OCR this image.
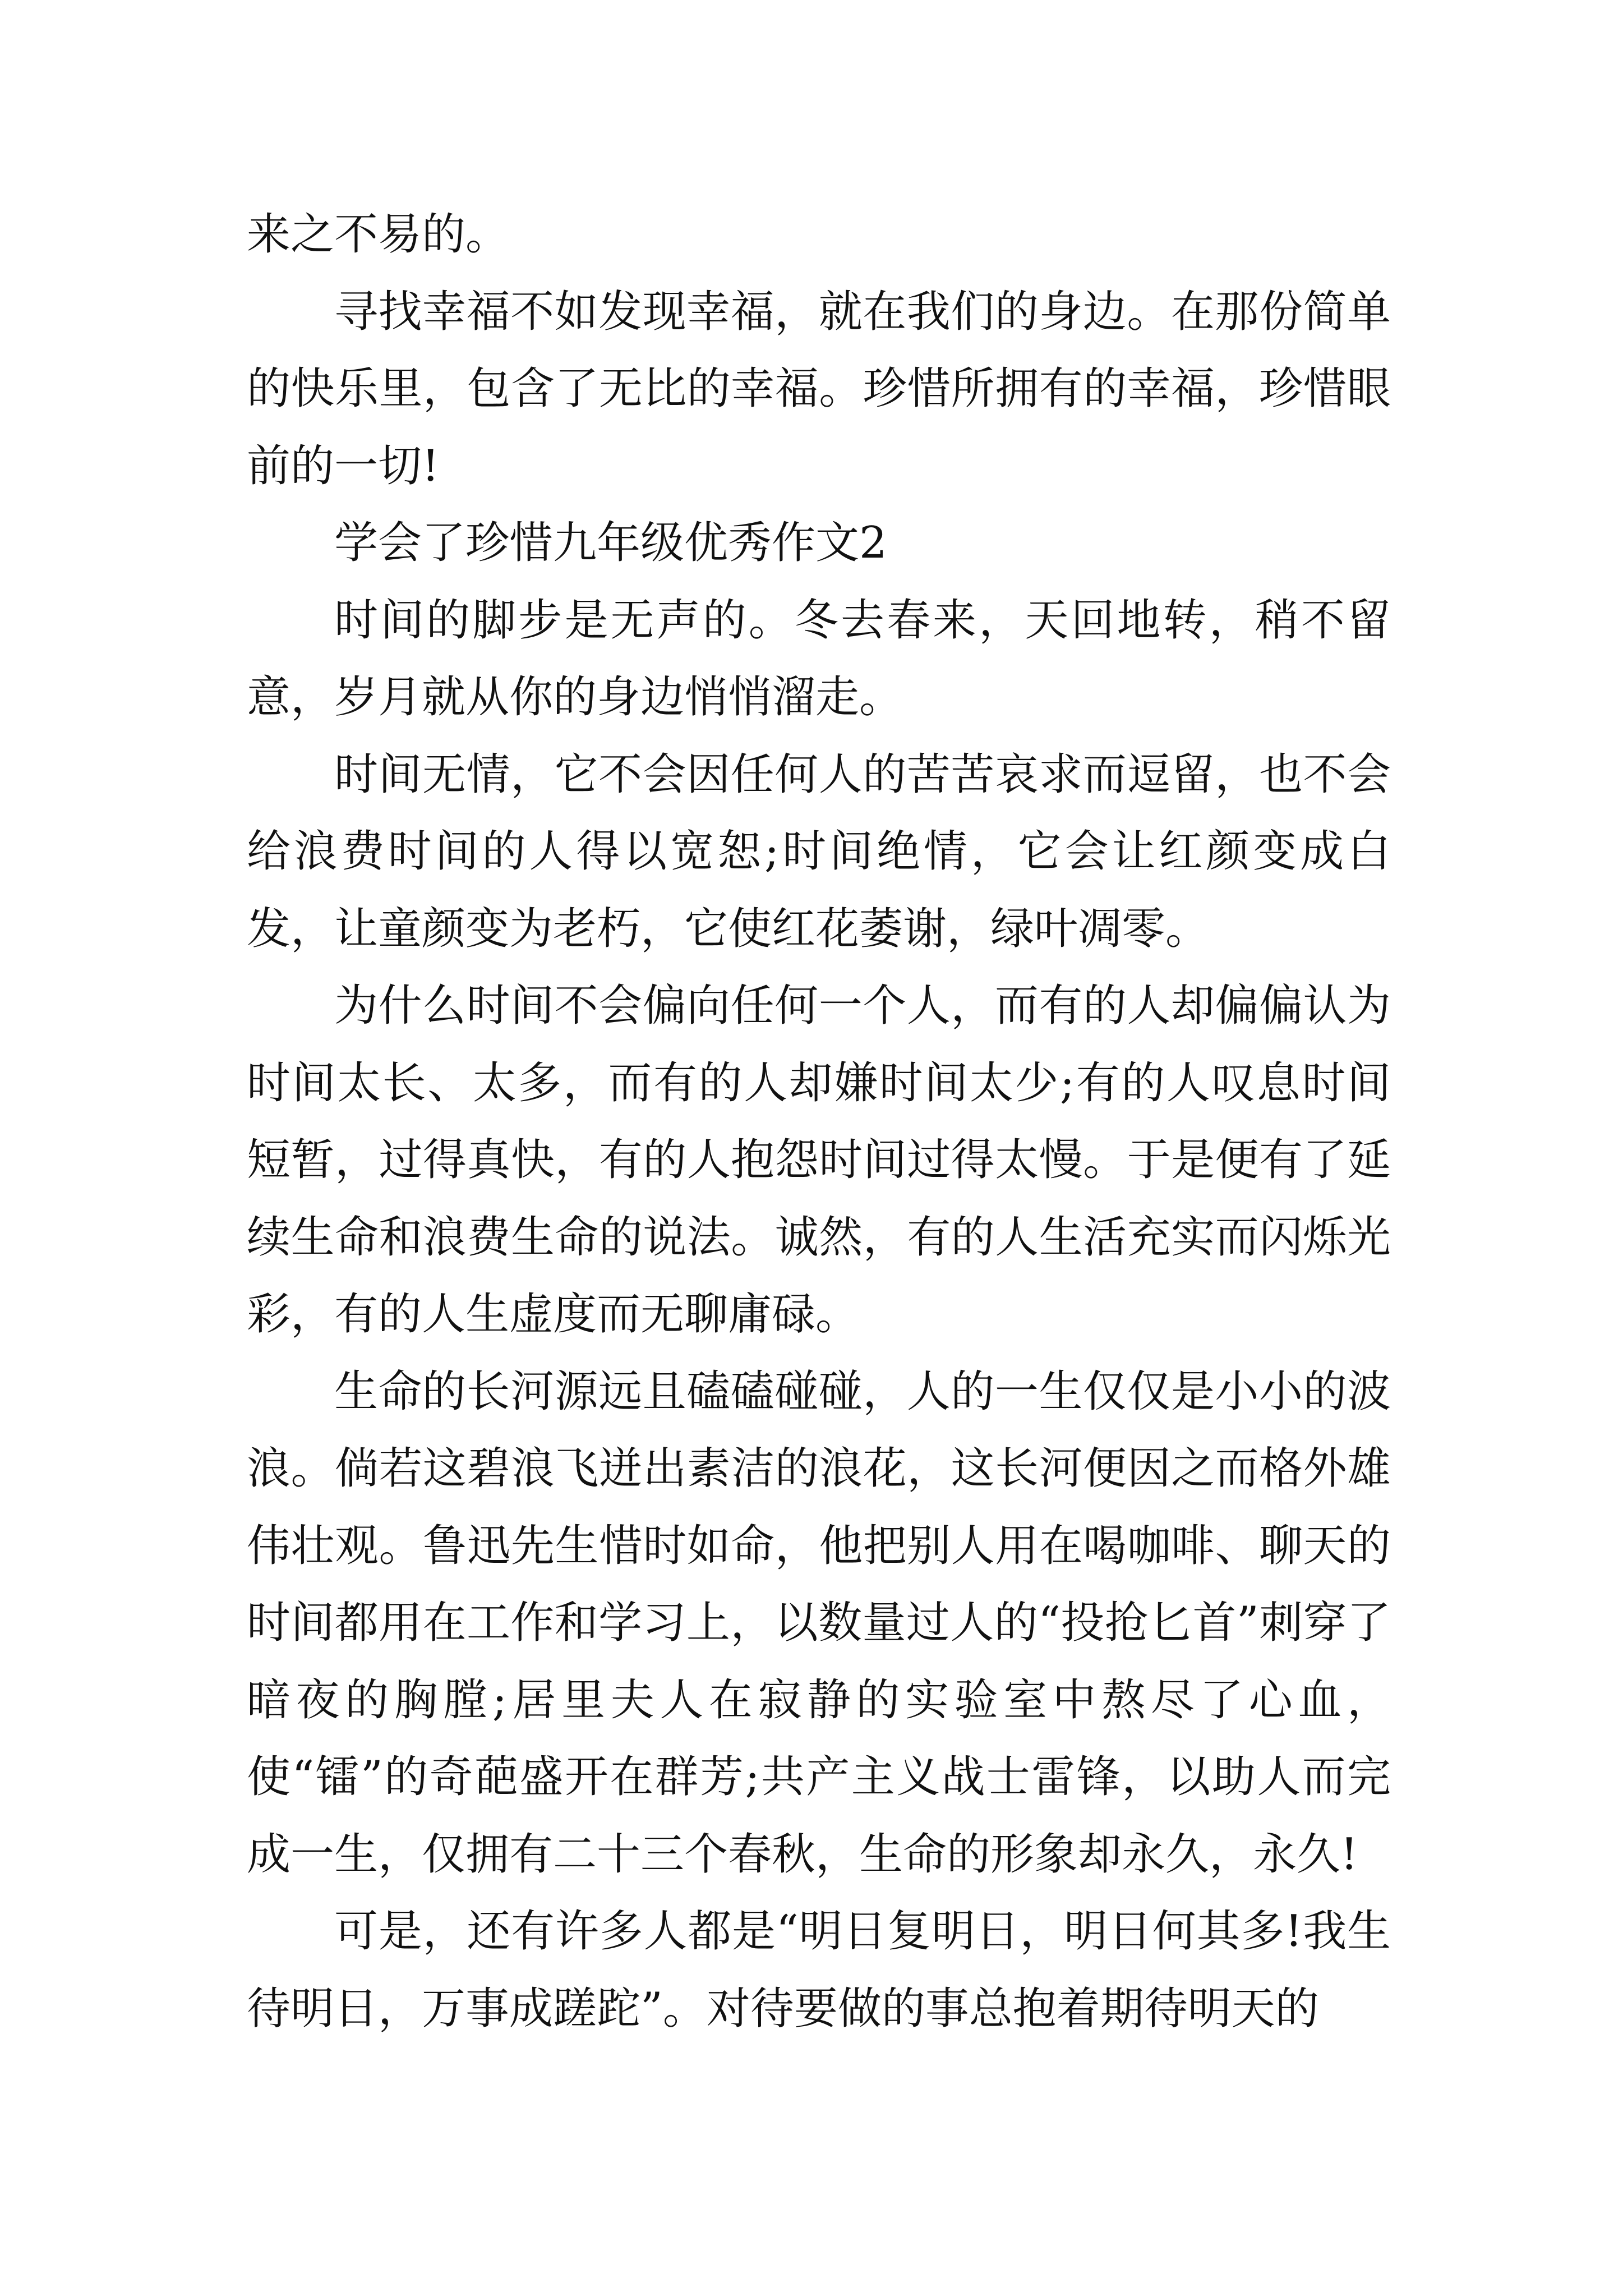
来之不易的。

寻找幸福不如发现幸福，就在我们的身边。在那份简单的快乐里，包含了无比的幸福。珍惜所拥有的幸福，珍惜眼前的一切!

学会了珍惜九年级优秀作文2

时间的脚步是无声的。冬去春来，天回地转，稍不留意，岁月就从你的身边悄悄溜走。

时间无情，它不会因任何人的苦苦哀求而逗留，也不会给浪费时间的人得以宽恕;时间绝情，它会让红颜变成白发，让童颜变为老朽，它使红花萎谢，绿叶凋零。

为什么时间不会偏向任何一个人，而有的人却偏偏认为时间太长、太多，而有的人却嫌时间太少;有的人叹息时间短暂，过得真快，有的人抱怨时间过得太慢。于是便有了延续生命和浪费生命的说法。诚然，有的人生活充实而闪烁光彩，有的人生虚度而无聊庸碌。

生命的长河源远且磕磕碰碰，人的一生仅仅是小小的波浪。倘若这碧浪飞迸出素洁的浪花，这长河便因之而格外雄伟壮观。鲁迅先生惜时如命，他把别人用在喝咖啡、聊天的时间都用在工作和学习上，以数量过人的“投抢匕首”刺穿了暗夜的胸膛;居里夫人在寂静的实验室中熬尽了心血，使“镭”的奇葩盛开在群芳;共产主义战士雷锋，以助人而完成一生，仅拥有二十三个春秋，生命的形象却永久，永久!

可是，还有许多人都是“明日复明日，明日何其多!我生待明日，万事成蹉跎”。对待要做的事总抱着期待明天的
